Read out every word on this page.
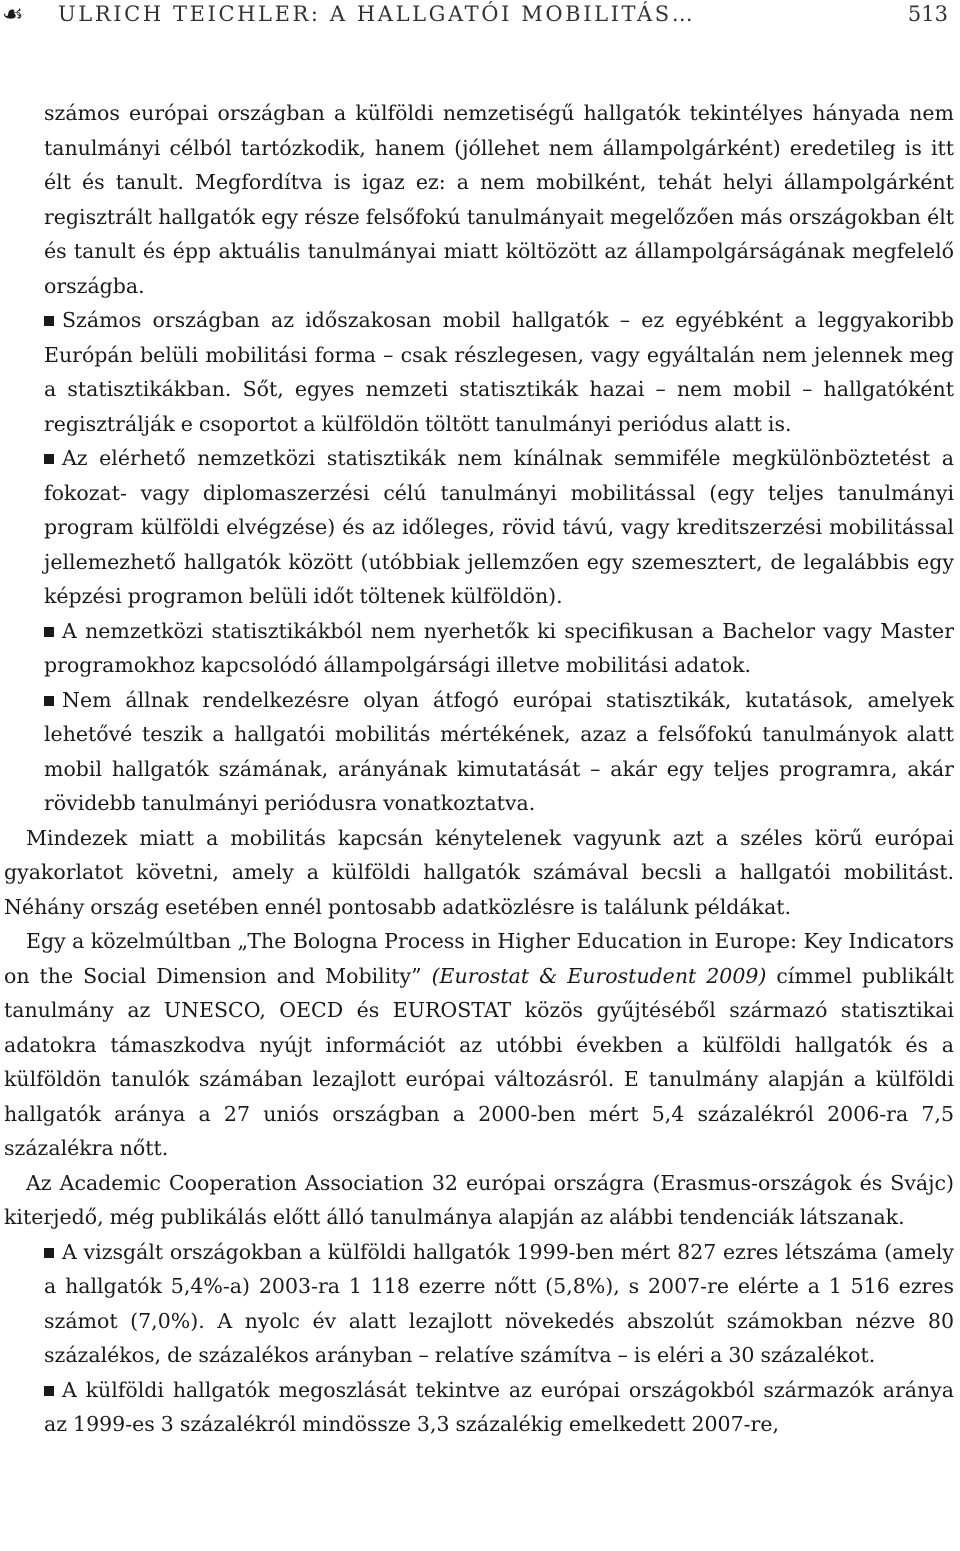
☙ ULRICH TEICHLER: A HALLGATÓI MOBILITÁS…	513

számos európai országban a külföldi nemzetiségű hallgatók tekintélyes hányada nem tanulmányi célból tartózkodik, hanem (jóllehet nem állampolgárként) eredetileg is itt élt és tanult. Megfordítva is igaz ez: a nem mobilként, tehát helyi állampolgárként regisztrált hallgatók egy része felsőfokú tanulmányait megelőzően más országokban élt és tanult és épp aktuális tanulmányai miatt költözött az állampolgárságának megfelelő országba.

Számos országban az időszakosan mobil hallgatók – ez egyébként a leggyakoribb Európán belüli mobilitási forma – csak részlegesen, vagy egyáltalán nem jelennek meg a statisztikákban. Sőt, egyes nemzeti statisztikák hazai – nem mobil – hallgatóként regisztrálják e csoportot a külföldön töltött tanulmányi periódus alatt is.

Az elérhető nemzetközi statisztikák nem kínálnak semmiféle megkülönböztetést a fokozat- vagy diplomaszerzési célú tanulmányi mobilitással (egy teljes tanulmányi program külföldi elvégzése) és az időleges, rövid távú, vagy kreditszerzési mobilitással jellemezhető hallgatók között (utóbbiak jellemzően egy szemesztert, de legalábbis egy képzési programon belüli időt töltenek külföldön).

A nemzetközi statisztikákból nem nyerhetők ki specifikusan a Bachelor vagy Master programokhoz kapcsolódó állampolgársági illetve mobilitási adatok.

Nem állnak rendelkezésre olyan átfogó európai statisztikák, kutatások, amelyek lehetővé teszik a hallgatói mobilitás mértékének, azaz a felsőfokú tanulmányok alatt mobil hallgatók számának, arányának kimutatását – akár egy teljes programra, akár rövidebb tanulmányi periódusra vonatkoztatva.

Mindezek miatt a mobilitás kapcsán kénytelenek vagyunk azt a széles körű európai gyakorlatot követni, amely a külföldi hallgatók számával becsli a hallgatói mobilitást. Néhány ország esetében ennél pontosabb adatközlésre is találunk példákat.

Egy a közelmúltban „The Bologna Process in Higher Education in Europe: Key Indicators on the Social Dimension and Mobility” (Eurostat & Eurostudent 2009) címmel publikált tanulmány az UNESCO, OECD és EUROSTAT közös gyűjtéséből származó statisztikai adatokra támaszkodva nyújt információt az utóbbi években a külföldi hallgatók és a külföldön tanulók számában lezajlott európai változásról. E tanulmány alapján a külföldi hallgatók aránya a 27 uniós országban a 2000-ben mért 5,4 százalékról 2006-ra 7,5 százalékra nőtt.

Az Academic Cooperation Association 32 európai országra (Erasmus-országok és Svájc) kiterjedő, még publikálás előtt álló tanulmánya alapján az alábbi tendenciák látszanak.

A vizsgált országokban a külföldi hallgatók 1999-ben mért 827 ezres létszáma (amely a hallgatók 5,4%-a) 2003-ra 1 118 ezerre nőtt (5,8%), s 2007-re elérte a 1 516 ezres számot (7,0%). A nyolc év alatt lezajlott növekedés abszolút számokban nézve 80 százalékos, de százalékos arányban – relatíve számítva – is eléri a 30 százalékot.

A külföldi hallgatók megoszlását tekintve az európai országokból származók aránya az 1999-es 3 százalékról mindössze 3,3 százalékig emelkedett 2007-re,
